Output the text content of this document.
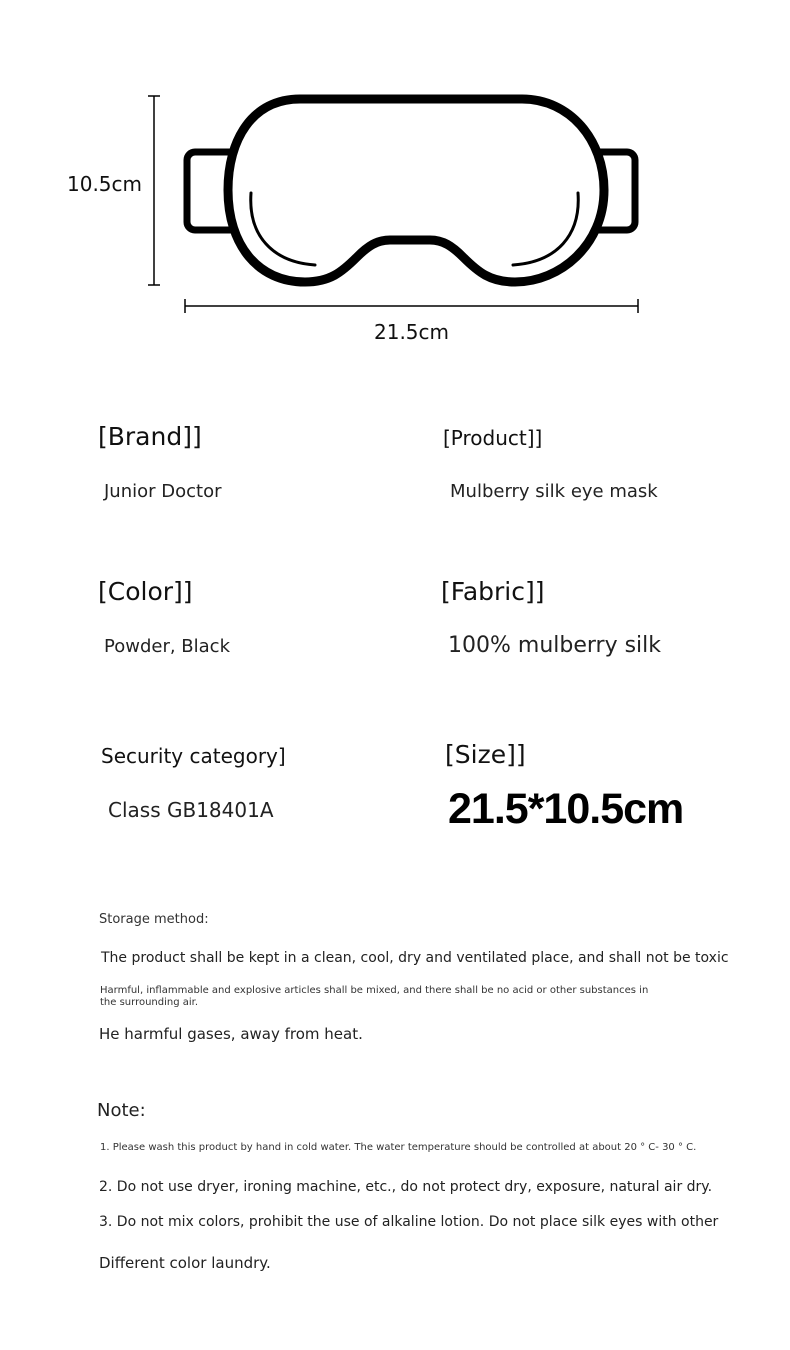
10.5cm
21.5cm
[Brand]]
Junior Doctor
[Product]]
Mulberry silk eye mask
[Color]]
Powder, Black
[Fabric]]
100% mulberry silk
Security category]
Class GB18401A
[Size]]
21.5*10.5cm
Storage method:
The product shall be kept in a clean, cool, dry and ventilated place, and shall not be toxic
Harmful, inflammable and explosive articles shall be mixed, and there shall be no acid or other substances in the surrounding air.
He harmful gases, away from heat.
Note:
1. Please wash this product by hand in cold water. The water temperature should be controlled at about 20 ° C- 30 ° C.
2. Do not use dryer, ironing machine, etc., do not protect dry, exposure, natural air dry.
3. Do not mix colors, prohibit the use of alkaline lotion. Do not place silk eyes with other
Different color laundry.
